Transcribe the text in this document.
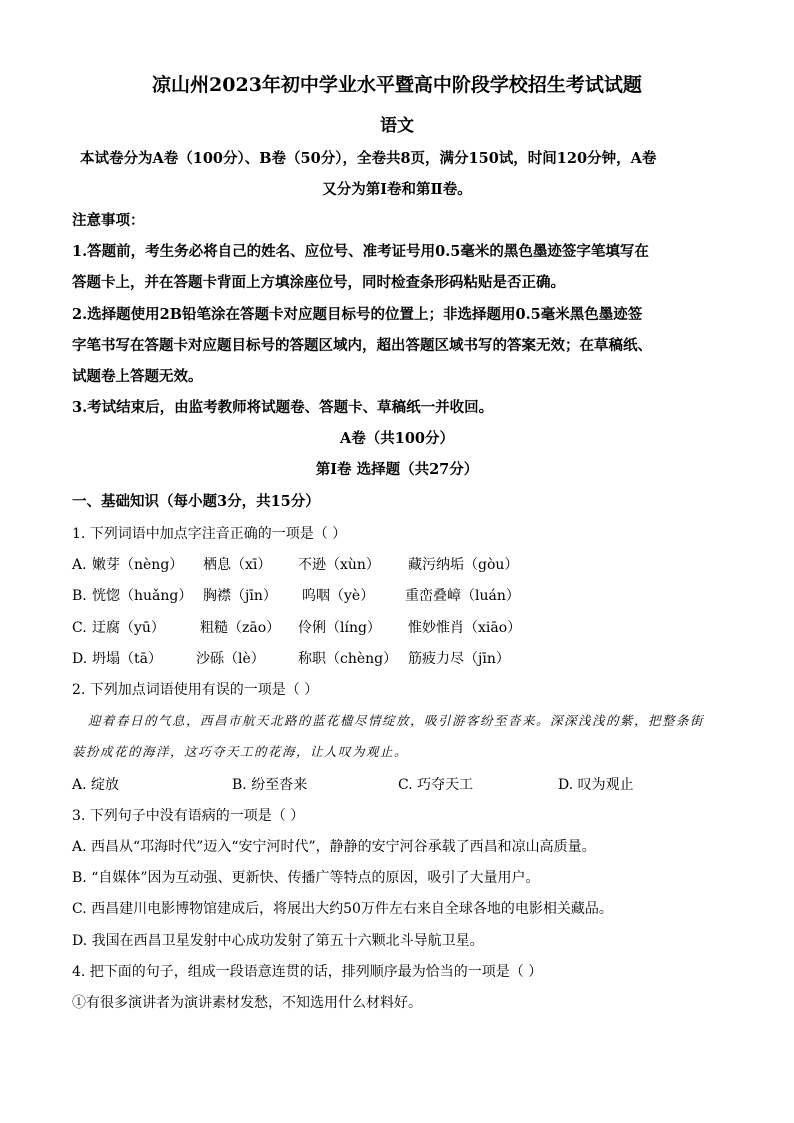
凉山州2023年初中学业水平暨高中阶段学校招生考试试题
语文
本试卷分为A卷（100分）、B卷（50分），全卷共8页，满分150试，时间120分钟，A卷
又分为第Ⅰ卷和第Ⅱ卷。
注意事项：
1.答题前，考生务必将自己的姓名、应位号、准考证号用0.5毫米的黑色墨迹签字笔填写在
答题卡上，并在答题卡背面上方填涂座位号，同时检查条形码粘贴是否正确。
2.选择题使用2B铅笔涂在答题卡对应题目标号的位置上；非选择题用0.5毫米黑色墨迹签
字笔书写在答题卡对应题目标号的答题区域内，超出答题区域书写的答案无效；在草稿纸、
试题卷上答题无效。
3.考试结束后，由监考教师将试题卷、答题卡、草稿纸一并收回。
A卷（共100分）
第Ⅰ卷 选择题（共27分）
一、基础知识（每小题3分，共15分）
1. 下列词语中加点字注音正确的一项是（ ）
A. 嫩芽（nèng） 栖息（xī） 不逊（xùn） 藏污纳垢（gòu）
B. 恍惚（huǎng） 胸襟（jīn） 呜咽（yè） 重峦叠嶂（luán）
C. 迂腐（yū）	粗糙（zāo） 伶俐（líng） 惟妙惟肖（xiāo）
D. 坍塌（tā） 沙砾（lè） 称职（chèng） 筋疲力尽（jīn）
2. 下列加点词语使用有误的一项是（ ）
迎着春日的气息，西昌市航天北路的蓝花楹尽情绽放，吸引游客纷至沓来。深深浅浅的紫，把整条街
装扮成花的海洋，这巧夺天工的花海，让人叹为观止。
A. 绽放	B. 纷至沓来	C. 巧夺天工	D. 叹为观止
3. 下列句子中没有语病的一项是（ ）
A. 西昌从“邛海时代”迈入“安宁河时代”，静静的安宁河谷承载了西昌和凉山高质量。
B. “自媒体”因为互动强、更新快、传播广等特点的原因，吸引了大量用户。
C. 西昌建川电影博物馆建成后，将展出大约50万件左右来自全球各地的电影相关藏品。
D. 我国在西昌卫星发射中心成功发射了第五十六颗北斗导航卫星。
4. 把下面的句子，组成一段语意连贯的话，排列顺序最为恰当的一项是（ ）
①有很多演讲者为演讲素材发愁，不知选用什么材料好。
